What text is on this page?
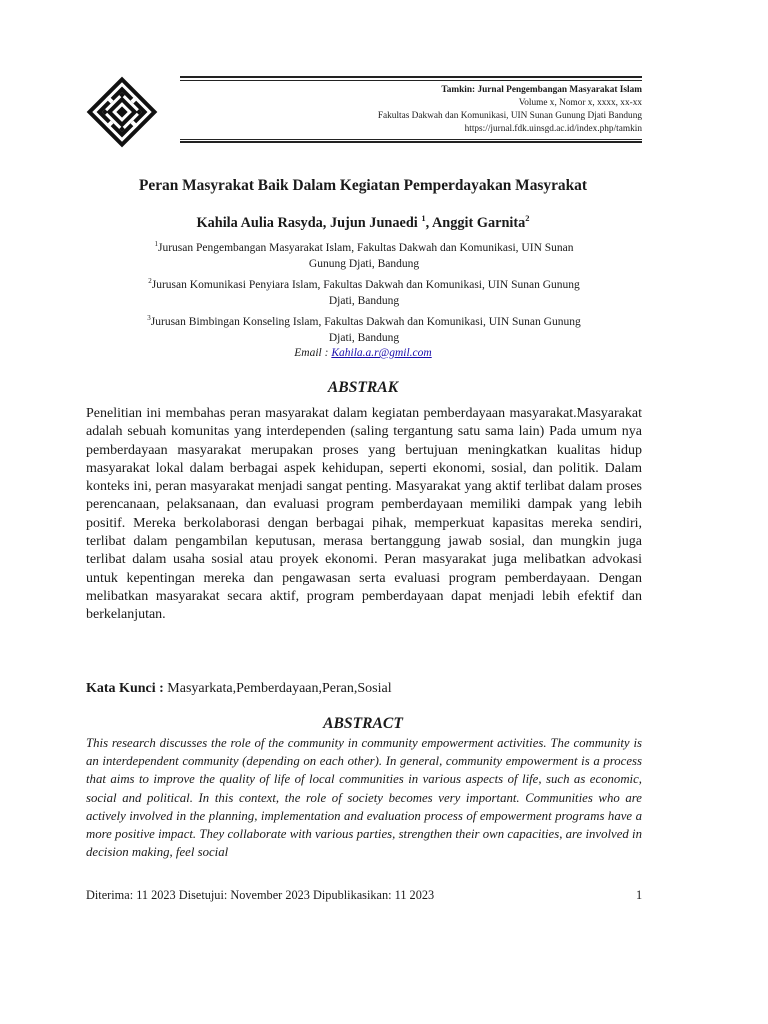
Tamkin: Jurnal Pengembangan Masyarakat Islam
Volume x, Nomor x, xxxx, xx-xx
Fakultas Dakwah dan Komunikasi, UIN Sunan Gunung Djati Bandung
https://jurnal.fdk.uinsgd.ac.id/index.php/tamkin
Peran Masyrakat Baik Dalam Kegiatan Pemperdayakan Masyrakat
Kahila Aulia Rasyda, Jujun Junaedi $^1$, Anggit Garnita$^2$
$^1$Jurusan Pengembangan Masyarakat Islam, Fakultas Dakwah dan Komunikasi, UIN Sunan
Gunung Djati, Bandung
$^2$Jurusan Komunikasi Penyiara Islam, Fakultas Dakwah dan Komunikasi, UIN Sunan Gunung
Djati, Bandung
$^3$Jurusan Bimbingan Konseling Islam, Fakultas Dakwah dan Komunikasi, UIN Sunan Gunung
Djati, Bandung
Email : Kahila.a.r@gmil.com
ABSTRAK

Penelitian ini membahas peran masyarakat dalam kegiatan pemberdayaan masyarakat.Masyarakat adalah sebuah komunitas yang interdependen (saling tergantung satu sama lain) Pada umum nya pemberdayaan masyarakat merupakan proses yang bertujuan meningkatkan kualitas hidup masyarakat lokal dalam berbagai aspek kehidupan, seperti ekonomi, sosial, dan politik. Dalam konteks ini, peran masyarakat menjadi sangat penting. Masyarakat yang aktif terlibat dalam proses perencanaan, pelaksanaan, dan evaluasi program pemberdayaan memiliki dampak yang lebih positif. Mereka berkolaborasi dengan berbagai pihak, memperkuat kapasitas mereka sendiri, terlibat dalam pengambilan keputusan, merasa bertanggung jawab sosial, dan mungkin juga terlibat dalam usaha sosial atau proyek ekonomi. Peran masyarakat juga melibatkan advokasi untuk kepentingan mereka dan pengawasan serta evaluasi program pemberdayaan. Dengan melibatkan masyarakat secara aktif, program pemberdayaan dapat menjadi lebih efektif dan berkelanjutan.

Kata Kunci : Masyarkata,Pemberdayaan,Peran,Sosial
ABSTRACT

This research discusses the role of the community in community empowerment activities. The community is an interdependent community (depending on each other). In general, community empowerment is a process that aims to improve the quality of life of local communities in various aspects of life, such as economic, social and political. In this context, the role of society becomes very important. Communities who are actively involved in the planning, implementation and evaluation process of empowerment programs have a more positive impact. They collaborate with various parties, strengthen their own capacities, are involved in decision making, feel social

Diterima: 11 2023 Disetujui: November 2023 Dipublikasikan: 11 2023	1
